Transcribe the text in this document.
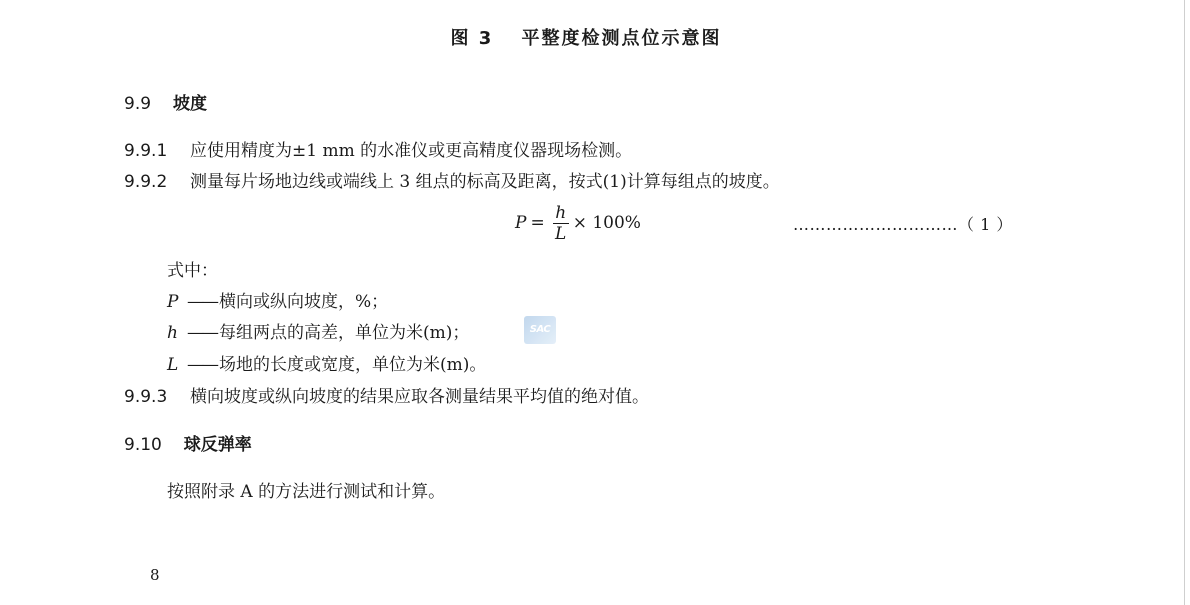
图 3 平整度检测点位示意图
9.9 坡度
9.9.1 应使用精度为±1 mm 的水准仪或更高精度仪器现场检测。
9.9.2 测量每片场地边线或端线上 3 组点的标高及距离，按式(1)计算每组点的坡度。
$P = \frac{h}{L} \times 100\%$	…………………………（ 1 ）
式中：
P —— 横向或纵向坡度，%；
h —— 每组两点的高差，单位为米(m)；
L —— 场地的长度或宽度，单位为米(m)。
SAC
9.9.3 横向坡度或纵向坡度的结果应取各测量结果平均值的绝对值。
9.10 球反弹率
按照附录 A 的方法进行测试和计算。
8
